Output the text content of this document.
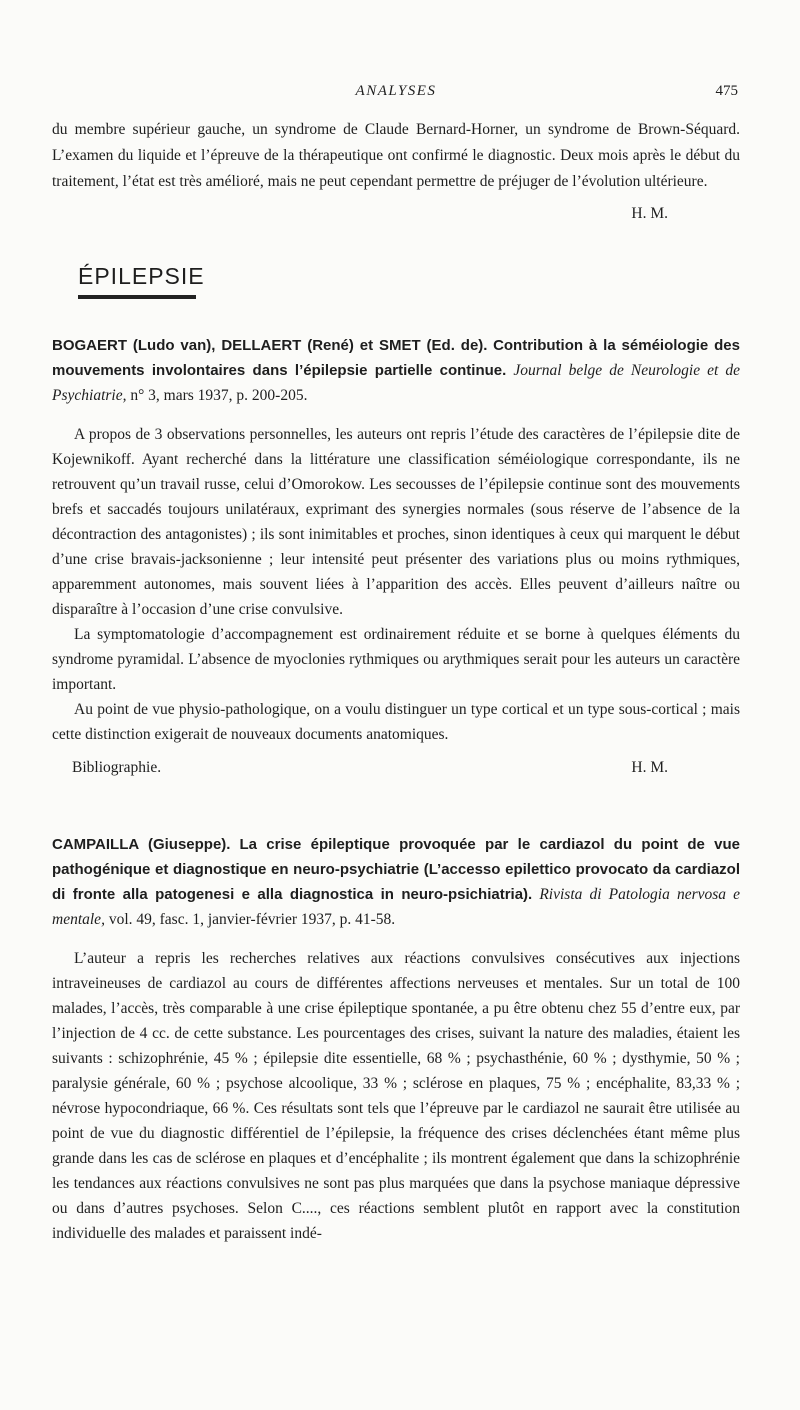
ANALYSES	475

du membre supérieur gauche, un syndrome de Claude Bernard-Horner, un syndrome de Brown-Séquard. L’examen du liquide et l’épreuve de la thérapeutique ont confirmé le diagnostic. Deux mois après le début du traitement, l’état est très amélioré, mais ne peut cependant permettre de préjuger de l’évolution ultérieure.

H. M.

ÉPILEPSIE

BOGAERT (Ludo van), DELLAERT (René) et SMET (Ed. de). Contribution à la séméiologie des mouvements involontaires dans l’épilepsie partielle continue. Journal belge de Neurologie et de Psychiatrie, n° 3, mars 1937, p. 200-205.

A propos de 3 observations personnelles, les auteurs ont repris l’étude des caractères de l’épilepsie dite de Kojewnikoff. Ayant recherché dans la littérature une classification séméiologique correspondante, ils ne retrouvent qu’un travail russe, celui d’Omorokow. Les secousses de l’épilepsie continue sont des mouvements brefs et saccadés toujours unilatéraux, exprimant des synergies normales (sous réserve de l’absence de la décontraction des antagonistes) ; ils sont inimitables et proches, sinon identiques à ceux qui marquent le début d’une crise bravais-jacksonienne ; leur intensité peut présenter des variations plus ou moins rythmiques, apparemment autonomes, mais souvent liées à l’apparition des accès. Elles peuvent d’ailleurs naître ou disparaître à l’occasion d’une crise convulsive.

La symptomatologie d’accompagnement est ordinairement réduite et se borne à quelques éléments du syndrome pyramidal. L’absence de myoclonies rythmiques ou arythmiques serait pour les auteurs un caractère important.

Au point de vue physio-pathologique, on a voulu distinguer un type cortical et un type sous-cortical ; mais cette distinction exigerait de nouveaux documents anatomiques.

Bibliographie.	H. M.

CAMPAILLA (Giuseppe). La crise épileptique provoquée par le cardiazol du point de vue pathogénique et diagnostique en neuro-psychiatrie (L’accesso epilettico provocato da cardiazol di fronte alla patogenesi e alla diagnostica in neuro-psichiatria). Rivista di Patologia nervosa e mentale, vol. 49, fasc. 1, janvier-février 1937, p. 41-58.

L’auteur a repris les recherches relatives aux réactions convulsives consécutives aux injections intraveineuses de cardiazol au cours de différentes affections nerveuses et mentales. Sur un total de 100 malades, l’accès, très comparable à une crise épileptique spontanée, a pu être obtenu chez 55 d’entre eux, par l’injection de 4 cc. de cette substance. Les pourcentages des crises, suivant la nature des maladies, étaient les suivants : schizophrénie, 45 % ; épilepsie dite essentielle, 68 % ; psychasthénie, 60 % ; dysthymie, 50 % ; paralysie générale, 60 % ; psychose alcoolique, 33 % ; sclérose en plaques, 75 % ; encéphalite, 83,33 % ; névrose hypocondriaque, 66 %. Ces résultats sont tels que l’épreuve par le cardiazol ne saurait être utilisée au point de vue du diagnostic différentiel de l’épilepsie, la fréquence des crises déclenchées étant même plus grande dans les cas de sclérose en plaques et d’encéphalite ; ils montrent également que dans la schizophrénie les tendances aux réactions convulsives ne sont pas plus marquées que dans la psychose maniaque dépressive ou dans d’autres psychoses. Selon C...., ces réactions semblent plutôt en rapport avec la constitution individuelle des malades et paraissent indé-
